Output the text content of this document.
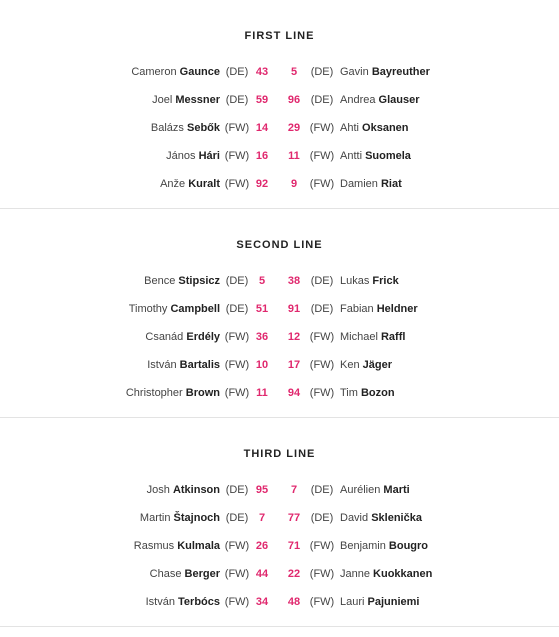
FIRST LINE
Cameron Gaunce (DE) 43	5	(DE) Gavin Bayreuther
Joel Messner (DE) 59 96 (DE) Andrea Glauser
Balázs Sebők (FW) 14 29 (FW) Ahti Oksanen
János Hári (FW) 16 11 (FW) Antti Suomela
Anže Kuralt (FW) 92	9	(FW) Damien Riat
SECOND LINE
Bence Stipsicz (DE) 5	38 (DE) Lukas Frick
Timothy Campbell (DE) 51 91 (DE) Fabian Heldner
Csanád Erdély (FW) 36 12 (FW) Michael Raffl
István Bartalis (FW) 10 17 (FW) Ken Jäger
Christopher Brown (FW) 11 94 (FW) Tim Bozon
THIRD LINE
Josh Atkinson (DE) 95	7	(DE) Aurélien Marti
Martin Štajnoch (DE) 7	77 (DE) David Sklenička
Rasmus Kulmala (FW) 26 71 (FW) Benjamin Bougro
Chase Berger (FW) 44 22 (FW) Janne Kuokkanen
István Terbócs (FW) 34 48 (FW) Lauri Pajuniemi
